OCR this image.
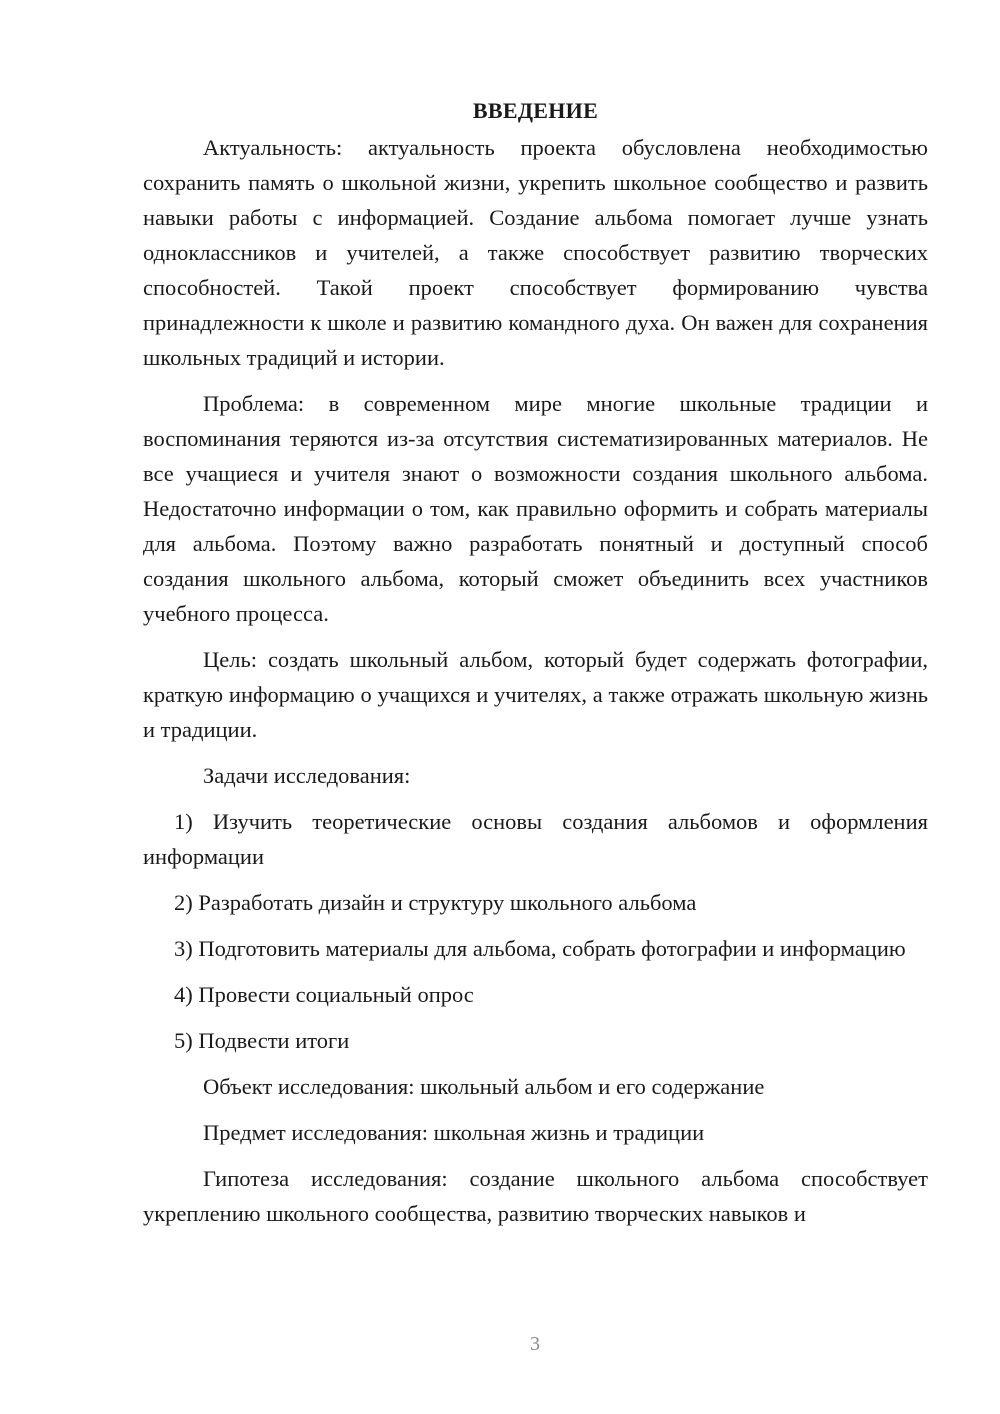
ВВЕДЕНИЕ

Актуальность: актуальность проекта обусловлена необходимостью сохранить память о школьной жизни, укрепить школьное сообщество и развить навыки работы с информацией. Создание альбома помогает лучше узнать одноклассников и учителей, а также способствует развитию творческих способностей. Такой проект способствует формированию чувства принадлежности к школе и развитию командного духа. Он важен для сохранения школьных традиций и истории.

Проблема: в современном мире многие школьные традиции и воспоминания теряются из-за отсутствия систематизированных материалов. Не все учащиеся и учителя знают о возможности создания школьного альбома. Недостаточно информации о том, как правильно оформить и собрать материалы для альбома. Поэтому важно разработать понятный и доступный способ создания школьного альбома, который сможет объединить всех участников учебного процесса.

Цель: создать школьный альбом, который будет содержать фотографии, краткую информацию о учащихся и учителях, а также отражать школьную жизнь и традиции.

Задачи исследования:

1) Изучить теоретические основы создания альбомов и оформления информации

2) Разработать дизайн и структуру школьного альбома

3) Подготовить материалы для альбома, собрать фотографии и информацию

4) Провести социальный опрос

5) Подвести итоги

Объект исследования: школьный альбом и его содержание

Предмет исследования: школьная жизнь и традиции

Гипотеза исследования: создание школьного альбома способствует укреплению школьного сообщества, развитию творческих навыков и

3
